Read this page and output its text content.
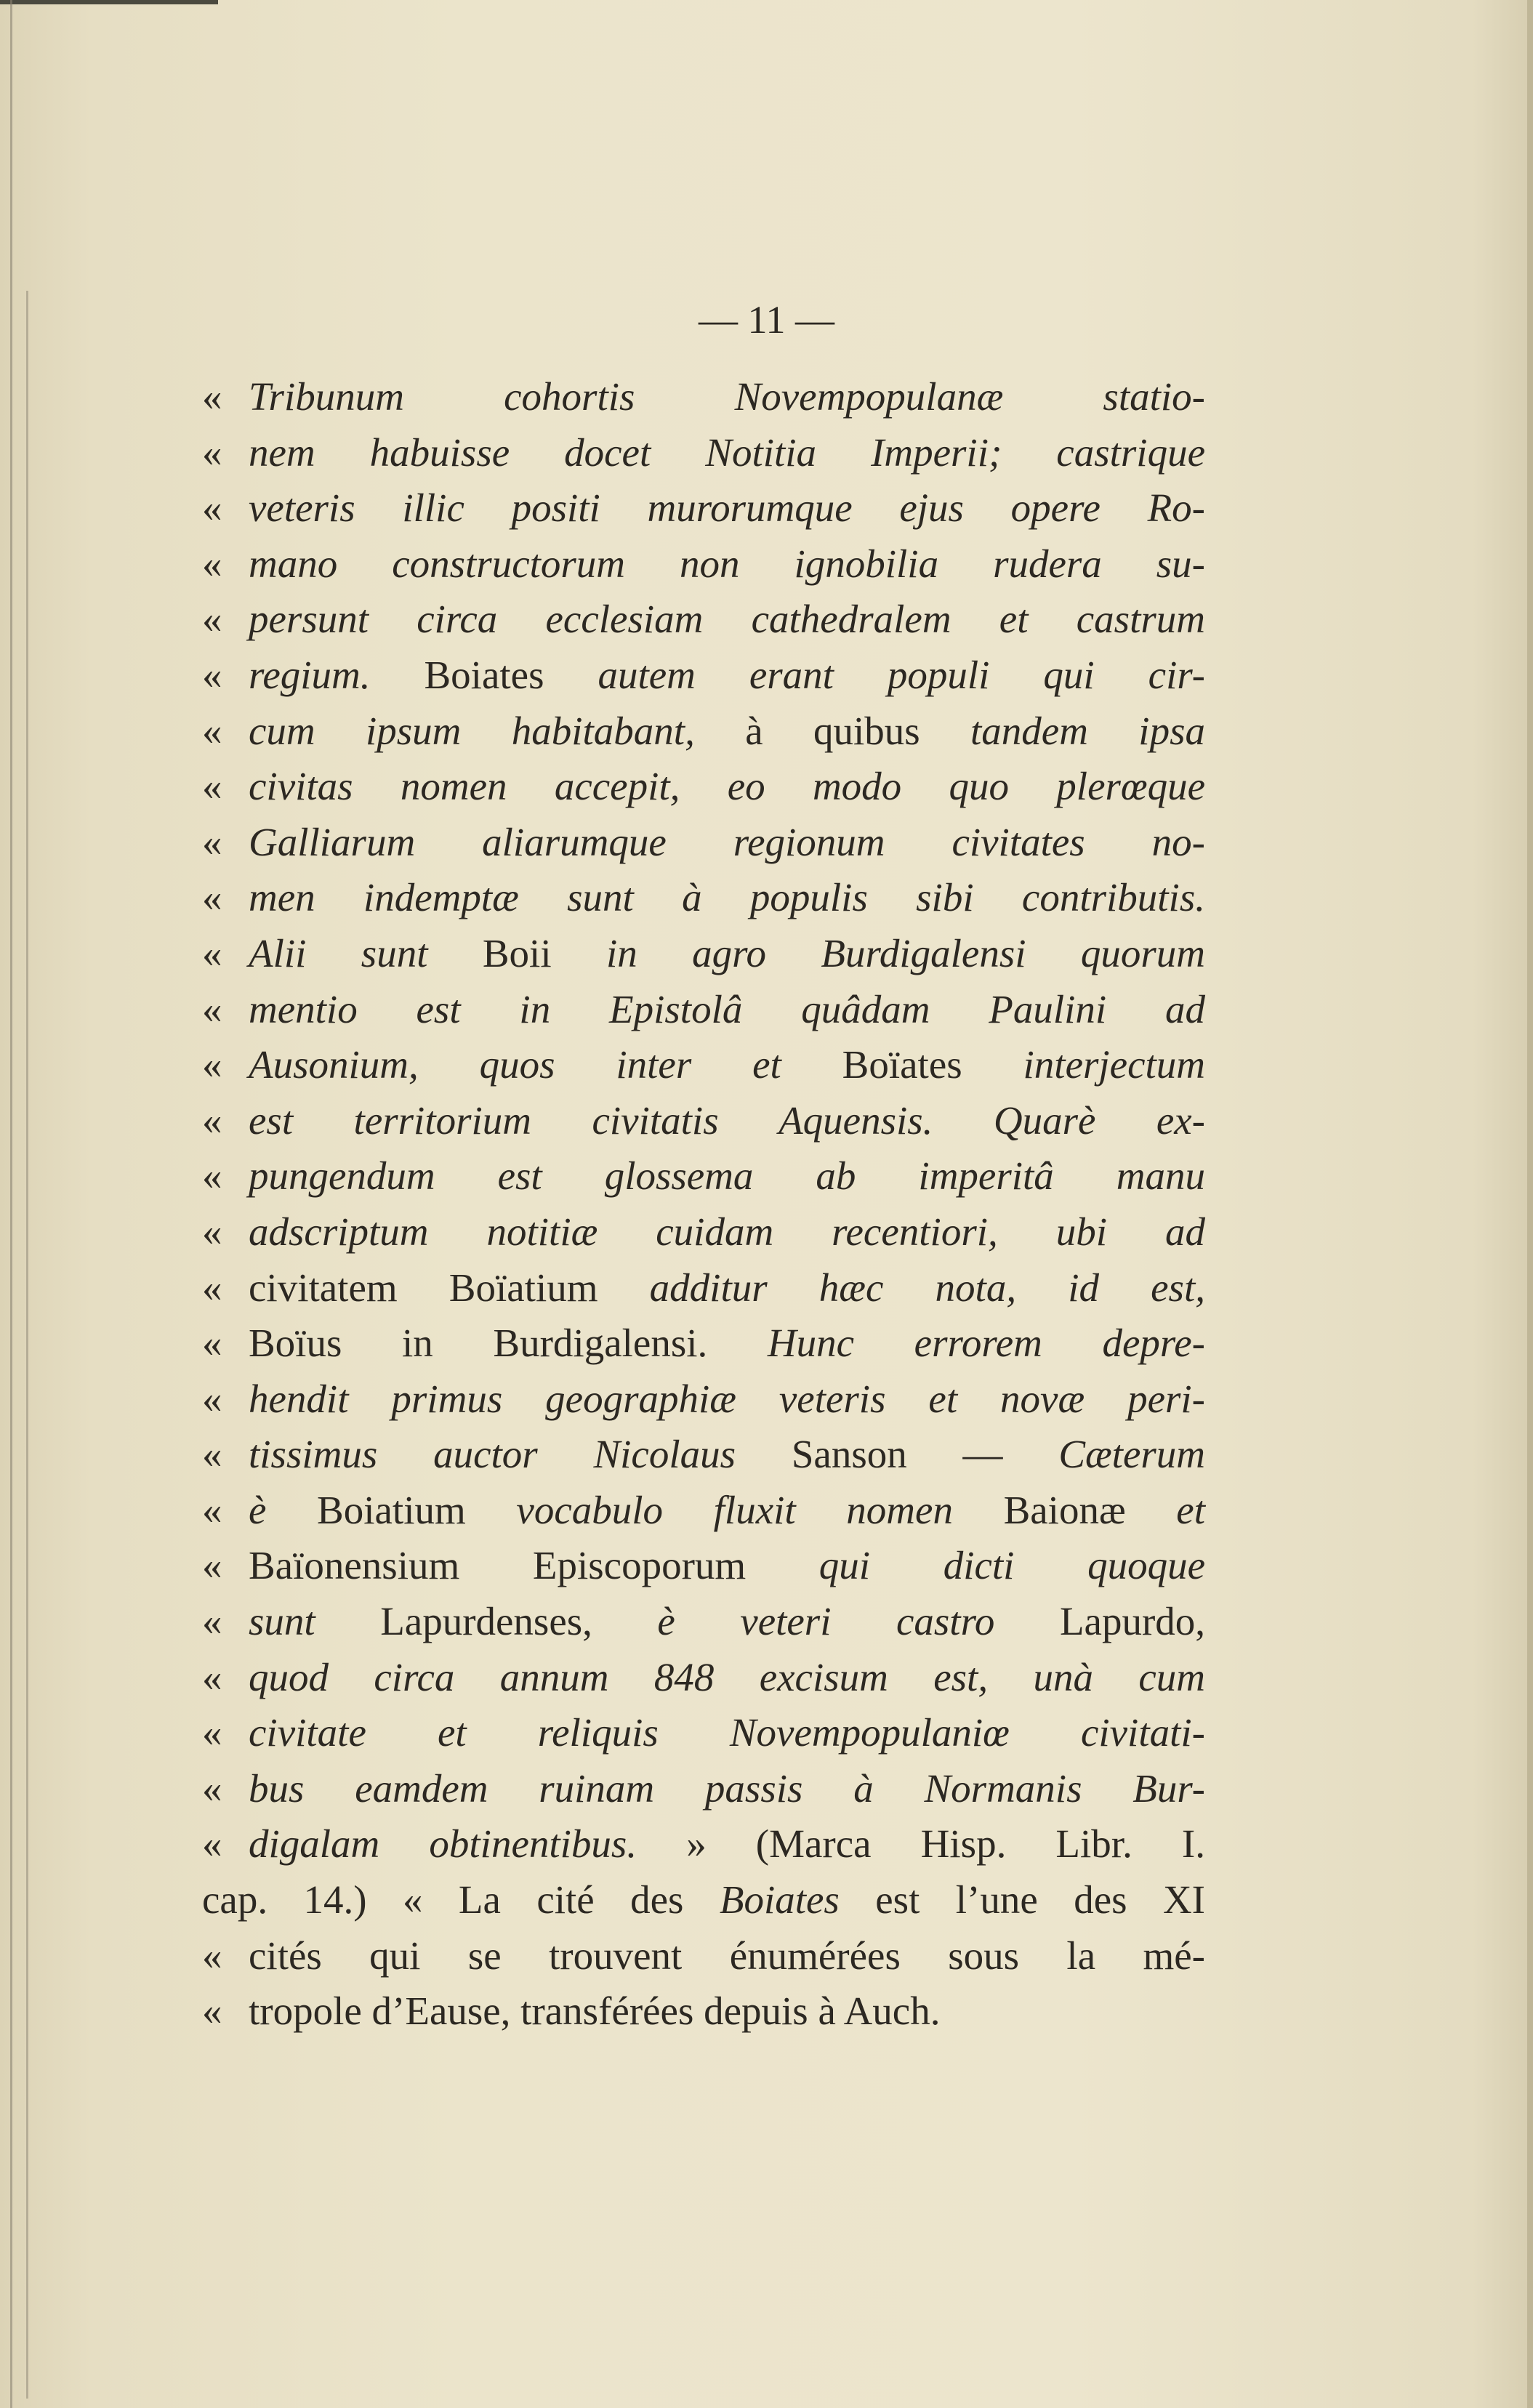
— 11 —
« Tribunum cohortis Novempopulanæ statio-
« nem habuisse docet Notitia Imperii; castrique
« veteris illic positi murorumque ejus opere Ro-
« mano constructorum non ignobilia rudera su-
« persunt circa ecclesiam cathedralem et castrum
« regium. Boiates autem erant populi qui cir-
« cum ipsum habitabant, à quibus tandem ipsa
« civitas nomen accepit, eo modo quo plerœque
« Galliarum aliarumque regionum civitates no-
« men indemptæ sunt à populis sibi contributis.
« Alii sunt Boii in agro Burdigalensi quorum
« mentio est in Epistolâ quâdam Paulini ad
« Ausonium, quos inter et Boïates interjectum
« est territorium civitatis Aquensis. Quarè ex-
« pungendum est glossema ab imperitâ manu
« adscriptum notitiæ cuidam recentiori, ubi ad
« civitatem Boïatium additur hæc nota, id est,
« Boïus in Burdigalensi. Hunc errorem depre-
« hendit primus geographiæ veteris et novæ peri-
« tissimus auctor Nicolaus Sanson — Cæterum
« è Boiatium vocabulo fluxit nomen Baionæ et
« Baïonensium Episcoporum qui dicti quoque
« sunt Lapurdenses, è veteri castro Lapurdo,
« quod circa annum 848 excisum est, unà cum
« civitate et reliquis Novempopulaniœ civitati-
« bus eamdem ruinam passis à Normanis Bur-
« digalam obtinentibus. » (Marca Hisp. Libr. I.
cap. 14.) « La cité des Boiates est l’une des XI
« cités qui se trouvent énumérées sous la mé-
« tropole d’Eause, transférées depuis à Auch.
